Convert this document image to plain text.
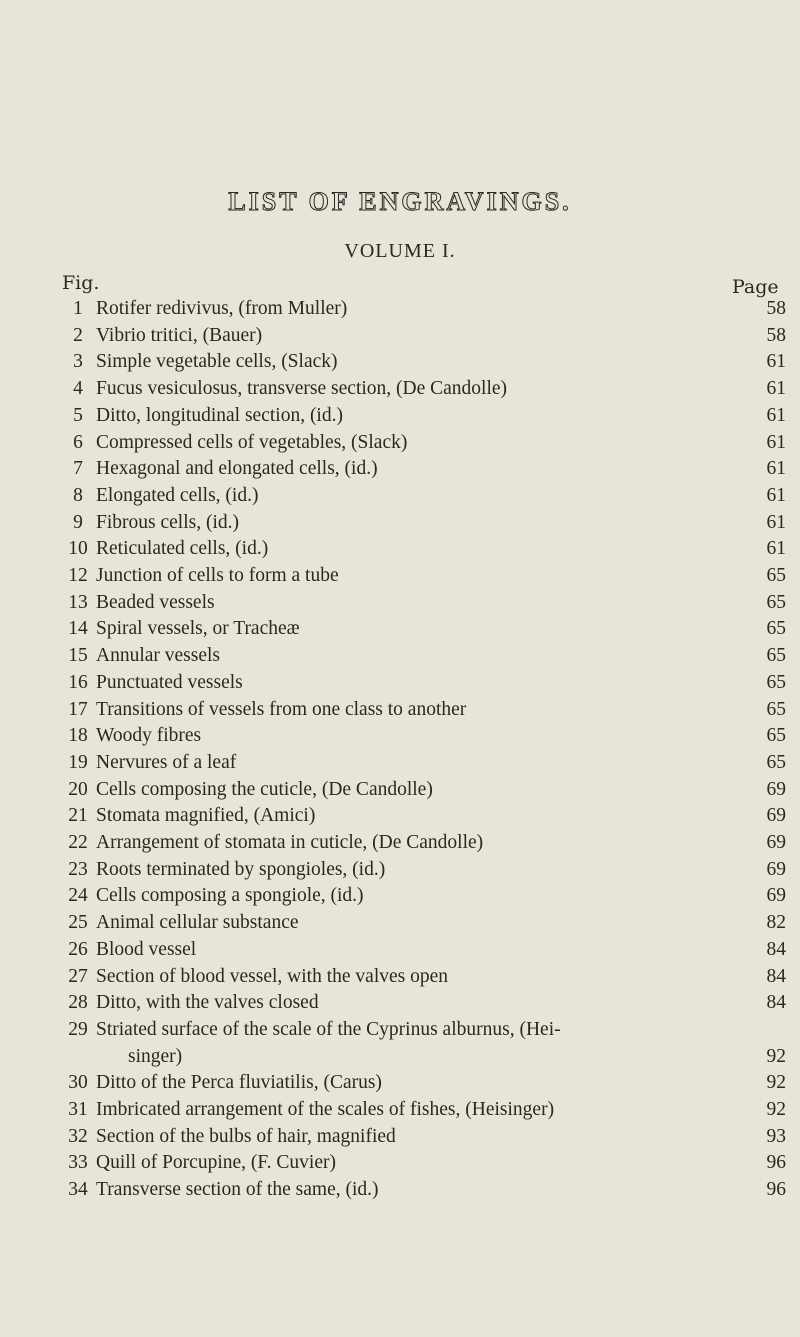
LIST OF ENGRAVINGS.
VOLUME I.
Fig.	Page
1 Rotifer redivivus, (from Muller)	58
2 Vibrio tritici, (Bauer)	58
3 Simple vegetable cells, (Slack)	61
4 Fucus vesiculosus, transverse section, (De Candolle)	61
5 Ditto, longitudinal section, (id.)	61
6 Compressed cells of vegetables, (Slack)	61
7 Hexagonal and elongated cells, (id.)	61
8 Elongated cells, (id.)	61
9 Fibrous cells, (id.)	61
10 Reticulated cells, (id.)	61
12 Junction of cells to form a tube	65
13 Beaded vessels	65
14 Spiral vessels, or Tracheæ	65
15 Annular vessels	65
16 Punctuated vessels	65
17 Transitions of vessels from one class to another	65
18 Woody fibres	65
19 Nervures of a leaf	65
20 Cells composing the cuticle, (De Candolle)	69
21 Stomata magnified, (Amici)	69
22 Arrangement of stomata in cuticle, (De Candolle)	69
23 Roots terminated by spongioles, (id.)	69
24 Cells composing a spongiole, (id.)	69
25 Animal cellular substance	82
26 Blood vessel	84
27 Section of blood vessel, with the valves open	84
28 Ditto, with the valves closed	84
29 Striated surface of the scale of the Cyprinus alburnus, (Hei-
singer)	92
30 Ditto of the Perca fluviatilis, (Carus)	92
31 Imbricated arrangement of the scales of fishes, (Heisinger)	92
32 Section of the bulbs of hair, magnified	93
33 Quill of Porcupine, (F. Cuvier)	96
34 Transverse section of the same, (id.)	96
